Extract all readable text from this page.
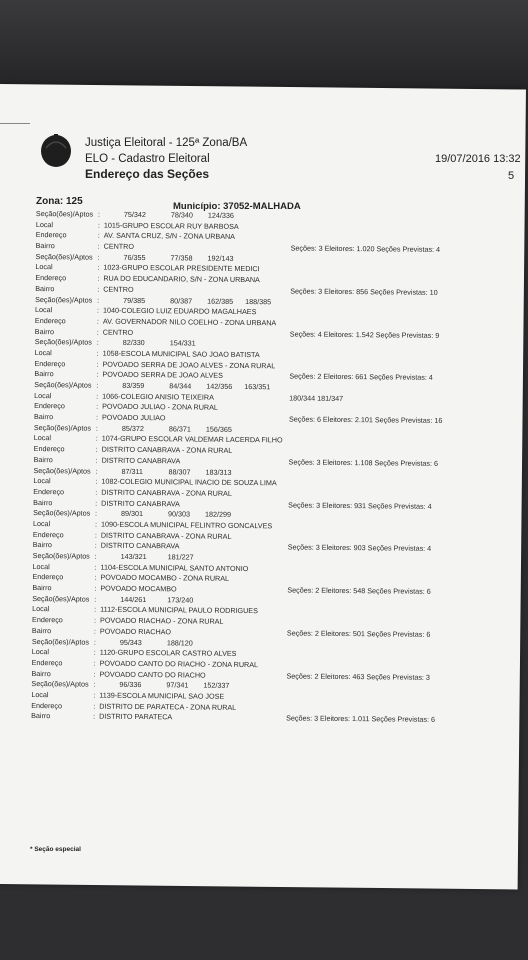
Justiça Eleitoral - 125ª Zona/BA
ELO - Cadastro Eleitoral
Endereço das Seções
19/07/2016 13:32
5
Zona: 125	Município: 37052-MALHADA
Seção(ões)/Aptos :	75/342	78/340 124/336
Local	: 1015-GRUPO ESCOLAR RUY BARBOSA
Endereço	: AV. SANTA CRUZ, S/N - ZONA URBANA
Bairro	: CENTRO	Seções: 3 Eleitores: 1.020 Seções Previstas: 4
Seção(ões)/Aptos :	76/355	77/358 192/143
Local	: 1023-GRUPO ESCOLAR PRESIDENTE MEDICI
Endereço	: RUA DO EDUCANDARIO, S/N - ZONA URBANA
Bairro	: CENTRO	Seções: 3 Eleitores: 856 Seções Previstas: 10
Seção(ões)/Aptos :	79/385	80/387 162/385 188/385
Local	: 1040-COLEGIO LUIZ EDUARDO MAGALHAES
Endereço	: AV. GOVERNADOR NILO COELHO - ZONA URBANA
Bairro	: CENTRO	Seções: 4 Eleitores: 1.542 Seções Previstas: 9
Seção(ões)/Aptos :	82/330	154/331
Local	: 1058-ESCOLA MUNICIPAL SAO JOAO BATISTA
Endereço	: POVOADO SERRA DE JOAO ALVES - ZONA RURAL
Bairro	: POVOADO SERRA DE JOAO ALVES	Seções: 2 Eleitores: 661 Seções Previstas: 4
Seção(ões)/Aptos :	83/359	84/344 142/356 163/351
Local	: 1066-COLEGIO ANISIO TEIXEIRA	180/344 181/347
Endereço	: POVOADO JULIAO - ZONA RURAL
Bairro	: POVOADO JULIAO	Seções: 6 Eleitores: 2.101 Seções Previstas: 16
Seção(ões)/Aptos :	85/372	86/371 156/365
Local	: 1074-GRUPO ESCOLAR VALDEMAR LACERDA FILHO
Endereço	: DISTRITO CANABRAVA - ZONA RURAL
Bairro	: DISTRITO CANABRAVA	Seções: 3 Eleitores: 1.108 Seções Previstas: 6
Seção(ões)/Aptos :	87/311	88/307 183/313
Local	: 1082-COLEGIO MUNICIPAL INACIO DE SOUZA LIMA
Endereço	: DISTRITO CANABRAVA - ZONA RURAL
Bairro	: DISTRITO CANABRAVA	Seções: 3 Eleitores: 931 Seções Previstas: 4
Seção(ões)/Aptos :	89/301	90/303 182/299
Local	: 1090-ESCOLA MUNICIPAL FELINTRO GONCALVES
Endereço	: DISTRITO CANABRAVA - ZONA RURAL
Bairro	: DISTRITO CANABRAVA	Seções: 3 Eleitores: 903 Seções Previstas: 4
Seção(ões)/Aptos :	143/321	181/227
Local	: 1104-ESCOLA MUNICIPAL SANTO ANTONIO
Endereço	: POVOADO MOCAMBO - ZONA RURAL
Bairro	: POVOADO MOCAMBO	Seções: 2 Eleitores: 548 Seções Previstas: 6
Seção(ões)/Aptos :	144/261	173/240
Local	: 1112-ESCOLA MUNICIPAL PAULO RODRIGUES
Endereço	: POVOADO RIACHAO - ZONA RURAL
Bairro	: POVOADO RIACHAO	Seções: 2 Eleitores: 501 Seções Previstas: 6
Seção(ões)/Aptos :	95/343	188/120
Local	: 1120-GRUPO ESCOLAR CASTRO ALVES
Endereço	: POVOADO CANTO DO RIACHO - ZONA RURAL
Bairro	: POVOADO CANTO DO RIACHO	Seções: 2 Eleitores: 463 Seções Previstas: 3
Seção(ões)/Aptos :	96/336	97/341 152/337
Local	: 1139-ESCOLA MUNICIPAL SAO JOSE
Endereço	: DISTRITO DE PARATECA - ZONA RURAL
Bairro	: DISTRITO PARATECA	Seções: 3 Eleitores: 1.011 Seções Previstas: 6
* Seção especial
